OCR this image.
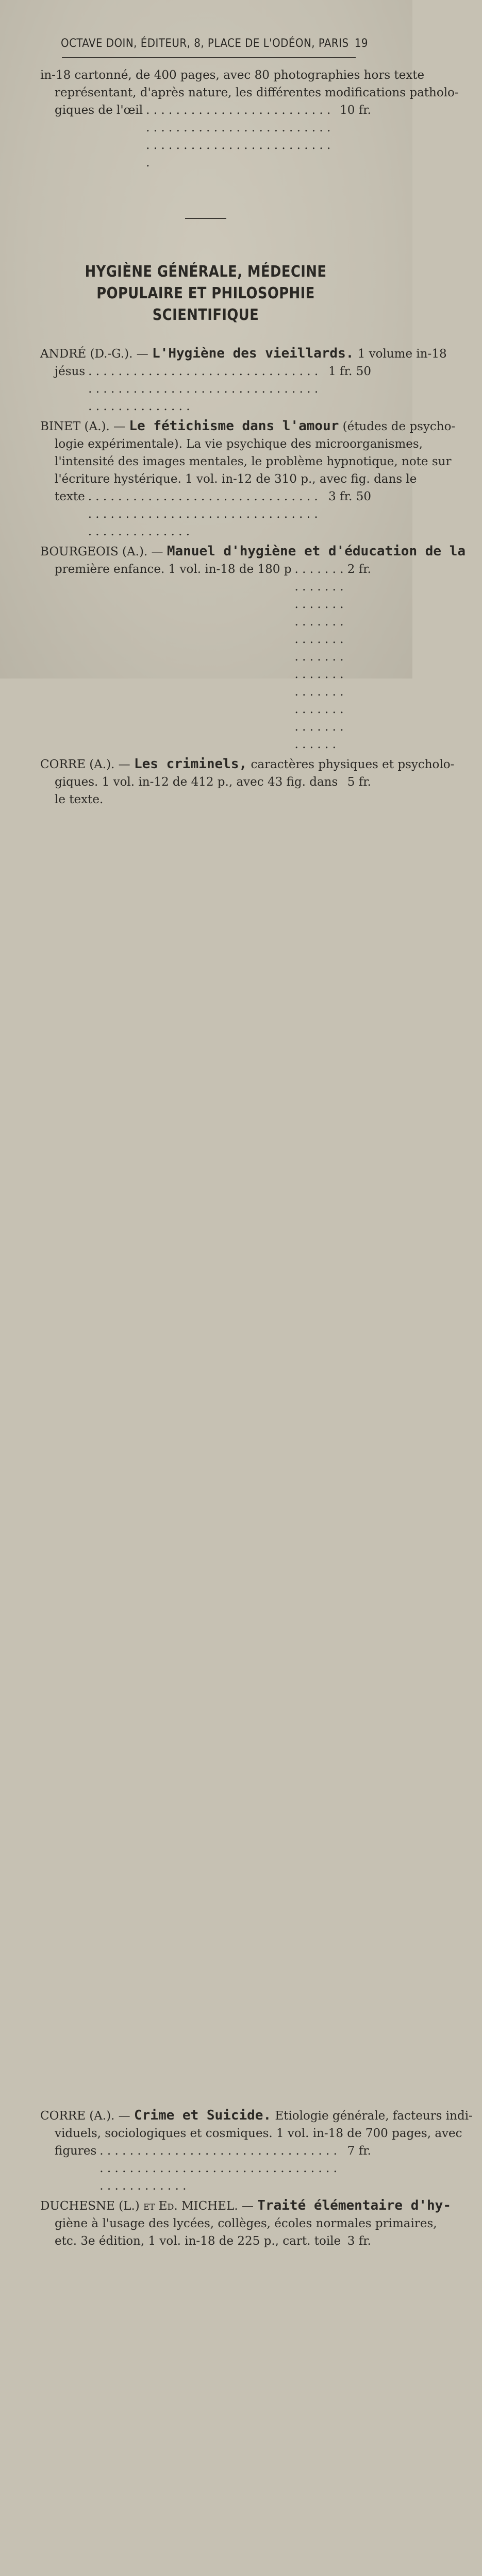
OCTAVE DOIN, ÉDITEUR, 8, PLACE DE L'ODÉON, PARIS 19
in-18 cartonné, de 400 pages, avec 80 photographies hors texte
représentant, d'après nature, les différentes modifications patholo-
giques de l'œil . . .	10 fr.
HYGIÈNE GÉNÉRALE, MÉDECINE POPULAIRE ET PHILOSOPHIE
SCIENTIFIQUE
ANDRÉ (D.-G.). — L'Hygiène des vieillards. 1 volume in-18
jésus . . .	1 fr. 50
BINET (A.). — Le fétichisme dans l'amour (études de psycho-
logie expérimentale). La vie psychique des microorganismes,
l'intensité des images mentales, le problème hypnotique, note sur
l'écriture hystérique. 1 vol. in-12 de 310 p., avec fig. dans le
texte . . .	3 fr. 50
BOURGEOIS (A.). — Manuel d'hygiène et d'éducation de la
première enfance. 1 vol. in-18 de 180 p . . .	2 fr.
CORRE (A.). — Les criminels, caractères physiques et psycholo-
giques. 1 vol. in-12 de 412 p., avec 43 fig. dans le texte.
5 fr.
CORRE (A.). — Crime et Suicide. Etiologie générale, facteurs indi-
viduels, sociologiques et cosmiques. 1 vol. in-18 de 700 pages, avec
figures . . .	7 fr.
DUCHESNE (L.) et Ed. MICHEL. — Traité élémentaire d'hy-
giène à l'usage des lycées, collèges, écoles normales primaires,
etc. 3e édition, 1 vol. in-18 de 225 p., cart. toile . . . 3 fr.
